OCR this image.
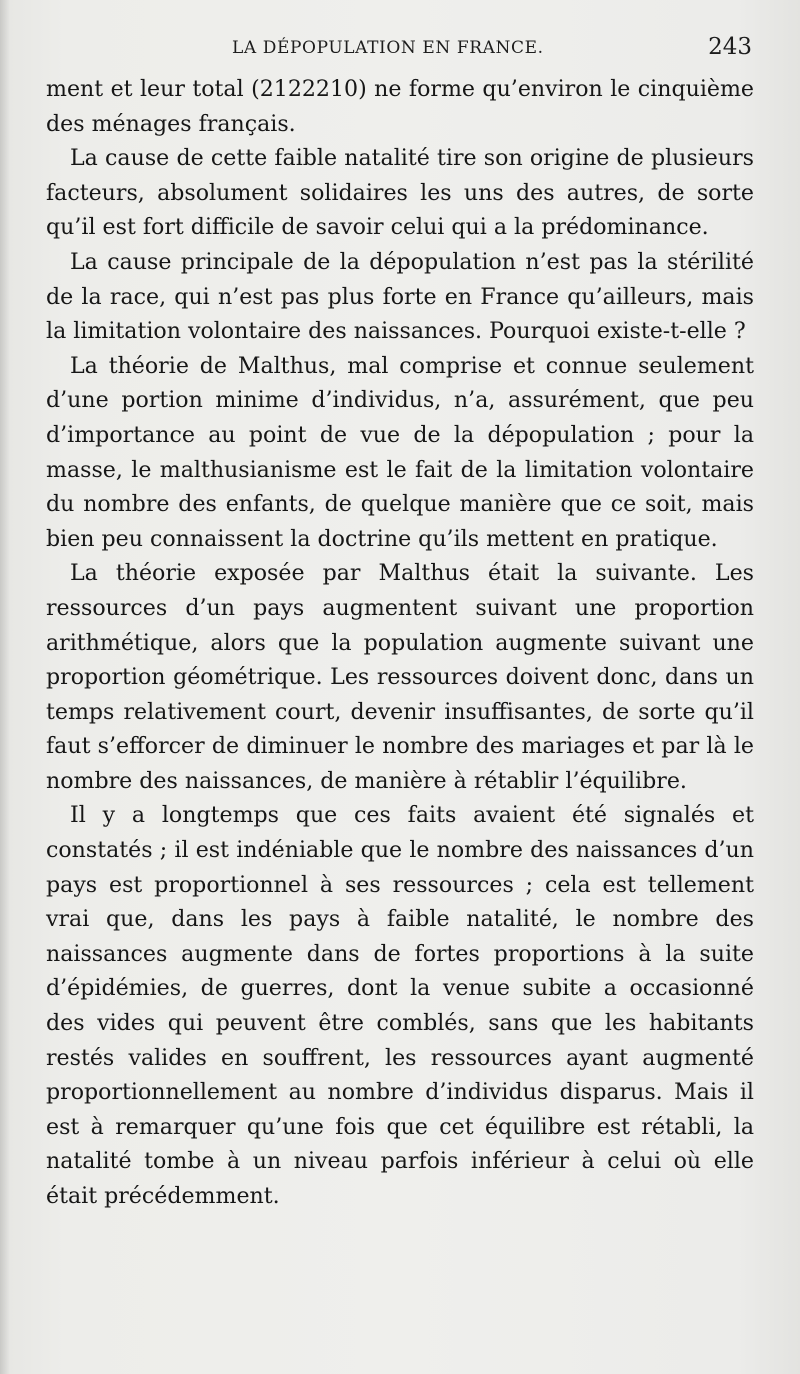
LA DÉPOPULATION EN FRANCE.	243

ment et leur total (2122210) ne forme qu’environ le cinquième des ménages français.

La cause de cette faible natalité tire son origine de plusieurs facteurs, absolument solidaires les uns des autres, de sorte qu’il est fort difficile de savoir celui qui a la prédominance.

La cause principale de la dépopulation n’est pas la stérilité de la race, qui n’est pas plus forte en France qu’ailleurs, mais la limitation volontaire des naissances. Pourquoi existe-t-elle ?

La théorie de Malthus, mal comprise et connue seulement d’une portion minime d’individus, n’a, assurément, que peu d’importance au point de vue de la dépopulation ; pour la masse, le malthusianisme est le fait de la limitation volontaire du nombre des enfants, de quelque manière que ce soit, mais bien peu connaissent la doctrine qu’ils mettent en pratique.

La théorie exposée par Malthus était la suivante. Les ressources d’un pays augmentent suivant une proportion arithmétique, alors que la population augmente suivant une proportion géométrique. Les ressources doivent donc, dans un temps relativement court, devenir insuffisantes, de sorte qu’il faut s’efforcer de diminuer le nombre des mariages et par là le nombre des naissances, de manière à rétablir l’équilibre.

Il y a longtemps que ces faits avaient été signalés et constatés ; il est indéniable que le nombre des naissances d’un pays est proportionnel à ses ressources ; cela est tellement vrai que, dans les pays à faible natalité, le nombre des naissances augmente dans de fortes proportions à la suite d’épidémies, de guerres, dont la venue subite a occasionné des vides qui peuvent être comblés, sans que les habitants restés valides en souffrent, les ressources ayant augmenté proportionnellement au nombre d’individus disparus. Mais il est à remarquer qu’une fois que cet équilibre est rétabli, la natalité tombe à un niveau parfois inférieur à celui où elle était précédemment.
